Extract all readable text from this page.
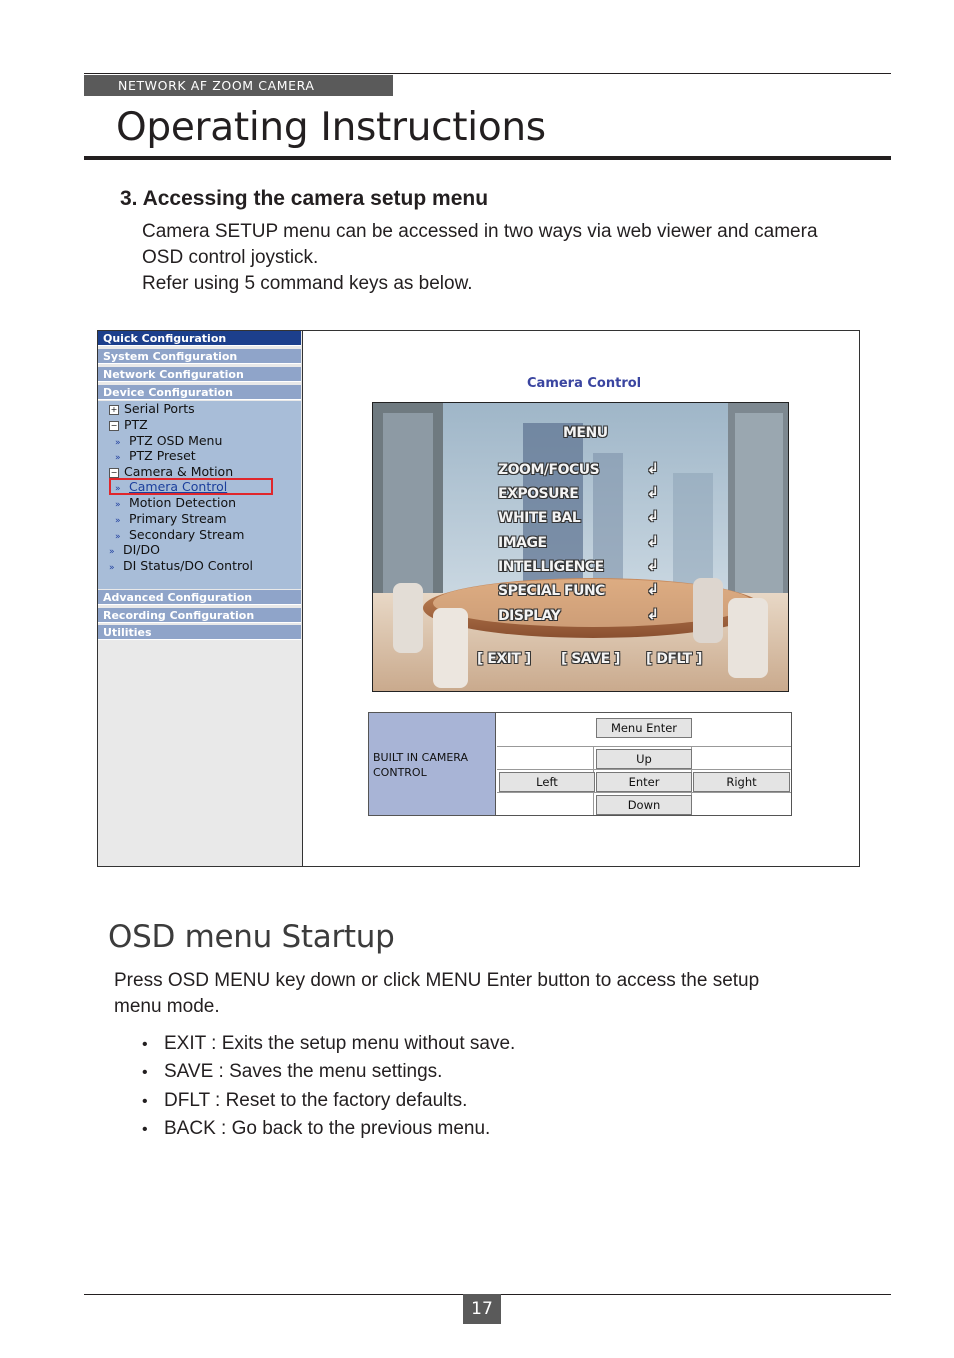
NETWORK AF ZOOM CAMERA
Operating Instructions
3. Accessing the camera setup menu

Camera SETUP menu can be accessed in two ways via web viewer and camera

OSD control joystick.

Refer using 5 command keys as below.

Quick Configuration
System Configuration
Network Configuration
Device Configuration
+ Serial Ports
− PTZ
» PTZ OSD Menu
» PTZ Preset
− Camera & Motion
» Camera Control
» Motion Detection
» Primary Stream
» Secondary Stream
» DI/DO
» DI Status/DO Control
Advanced Configuration
Recording Configuration
Utilities
Camera Control
MENU
ZOOM/FOCUS
EXPOSURE
WHITE BAL
IMAGE
INTELLIGENCE
SPECIAL FUNC
DISPLAY
↲
↲
↲
↲
↲
↲
↲
[ EXIT ] [ SAVE ] [ DFLT ]
BUILT IN CAMERA
CONTROL
Menu Enter
Up
Left	Enter	Right
Down
OSD menu Startup

Press OSD MENU key down or click MENU Enter button to access the setup
menu mode.

• EXIT : Exits the setup menu without save.
• SAVE : Saves the menu settings.
• DFLT : Reset to the factory defaults.
• BACK : Go back to the previous menu.
17
